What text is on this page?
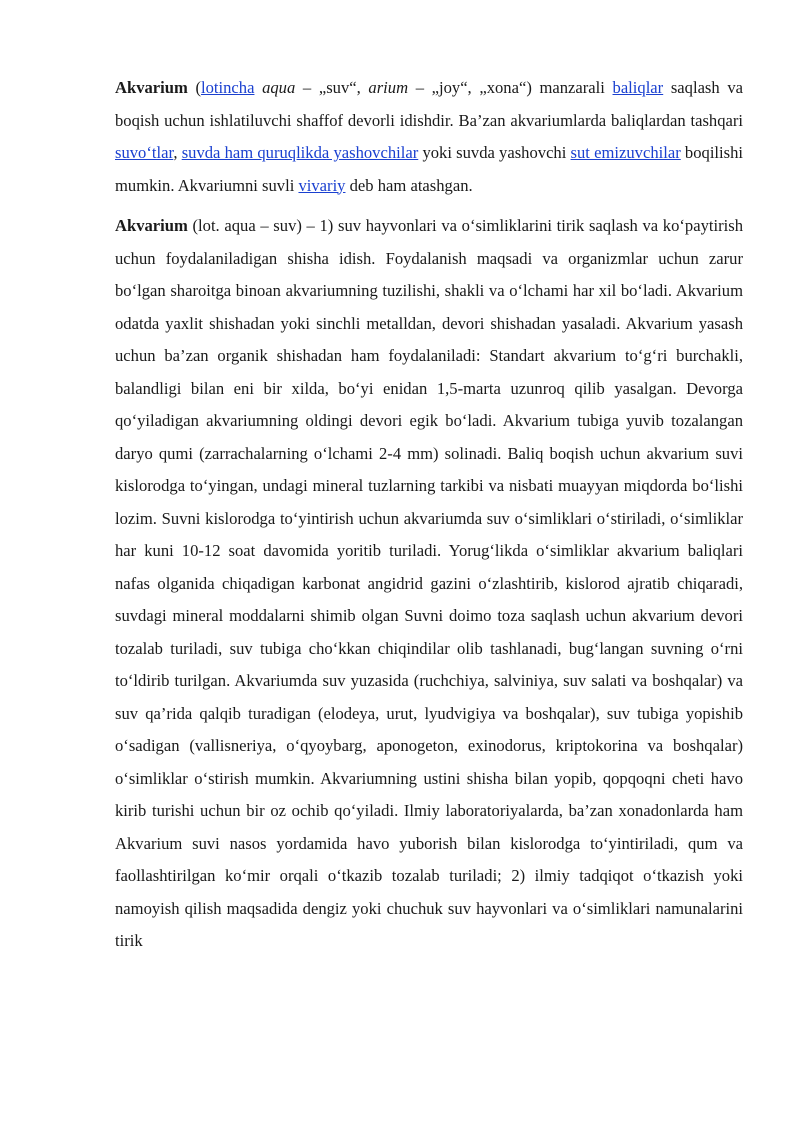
Akvarium (lotincha aqua – „suv“, arium – „joy“, „xona“) manzarali baliqlar saqlash va boqish uchun ishlatiluvchi shaffof devorli idishdir. Ba’zan akvariumlarda baliqlardan tashqari suvo‘tlar, suvda ham quruqlikda yashovchilar yoki suvda yashovchi sut emizuvchilar boqilishi mumkin. Akvariumni suvli vivariy deb ham atashgan.

Akvarium (lot. aqua – suv) – 1) suv hayvonlari va o‘simliklarini tirik saqlash va ko‘paytirish uchun foydalaniladigan shisha idish. Foydalanish maqsadi va organizmlar uchun zarur bo‘lgan sharoitga binoan akvariumning tuzilishi, shakli va o‘lchami har xil bo‘ladi. Akvarium odatda yaxlit shishadan yoki sinchli metalldan, devori shishadan yasaladi. Akvarium yasash uchun ba’zan organik shishadan ham foydalaniladi: Standart akvarium to‘g‘ri burchakli, balandligi bilan eni bir xilda, bo‘yi enidan 1,5-marta uzunroq qilib yasalgan. Devorga qo‘yiladigan akvariumning oldingi devori egik bo‘ladi. Akvarium tubiga yuvib tozalangan daryo qumi (zarrachalarning o‘lchami 2-4 mm) solinadi. Baliq boqish uchun akvarium suvi kislorodga to‘yingan, undagi mineral tuzlarning tarkibi va nisbati muayyan miqdorda bo‘lishi lozim. Suvni kislorodga to‘yintirish uchun akvariumda suv o‘simliklari o‘stiriladi, o‘simliklar har kuni 10-12 soat davomida yoritib turiladi. Yorug‘likda o‘simliklar akvarium baliqlari nafas olganida chiqadigan karbonat angidrid gazini o‘zlashtirib, kislorod ajratib chiqaradi, suvdagi mineral moddalarni shimib olgan Suvni doimo toza saqlash uchun akvarium devori tozalab turiladi, suv tubiga cho‘kkan chiqindilar olib tashlanadi, bug‘langan suvning o‘rni to‘ldirib turilgan. Akvariumda suv yuzasida (ruchchiya, salviniya, suv salati va boshqalar) va suv qa’rida qalqib turadigan (elodeya, urut, lyudvigiya va boshqalar), suv tubiga yopishib o‘sadigan (vallisneriya, o‘qyoybarg, aponogeton, exinodorus, kriptokorina va boshqalar) o‘simliklar o‘stirish mumkin. Akvariumning ustini shisha bilan yopib, qopqoqni cheti havo kirib turishi uchun bir oz ochib qo‘yiladi. Ilmiy laboratoriyalarda, ba’zan xonadonlarda ham Akvarium suvi nasos yordamida havo yuborish bilan kislorodga to‘yintiriladi, qum va faollashtirilgan ko‘mir orqali o‘tkazib tozalab turiladi; 2) ilmiy tadqiqot o‘tkazish yoki namoyish qilish maqsadida dengiz yoki chuchuk suv hayvonlari va o‘simliklari namunalarini tirik
